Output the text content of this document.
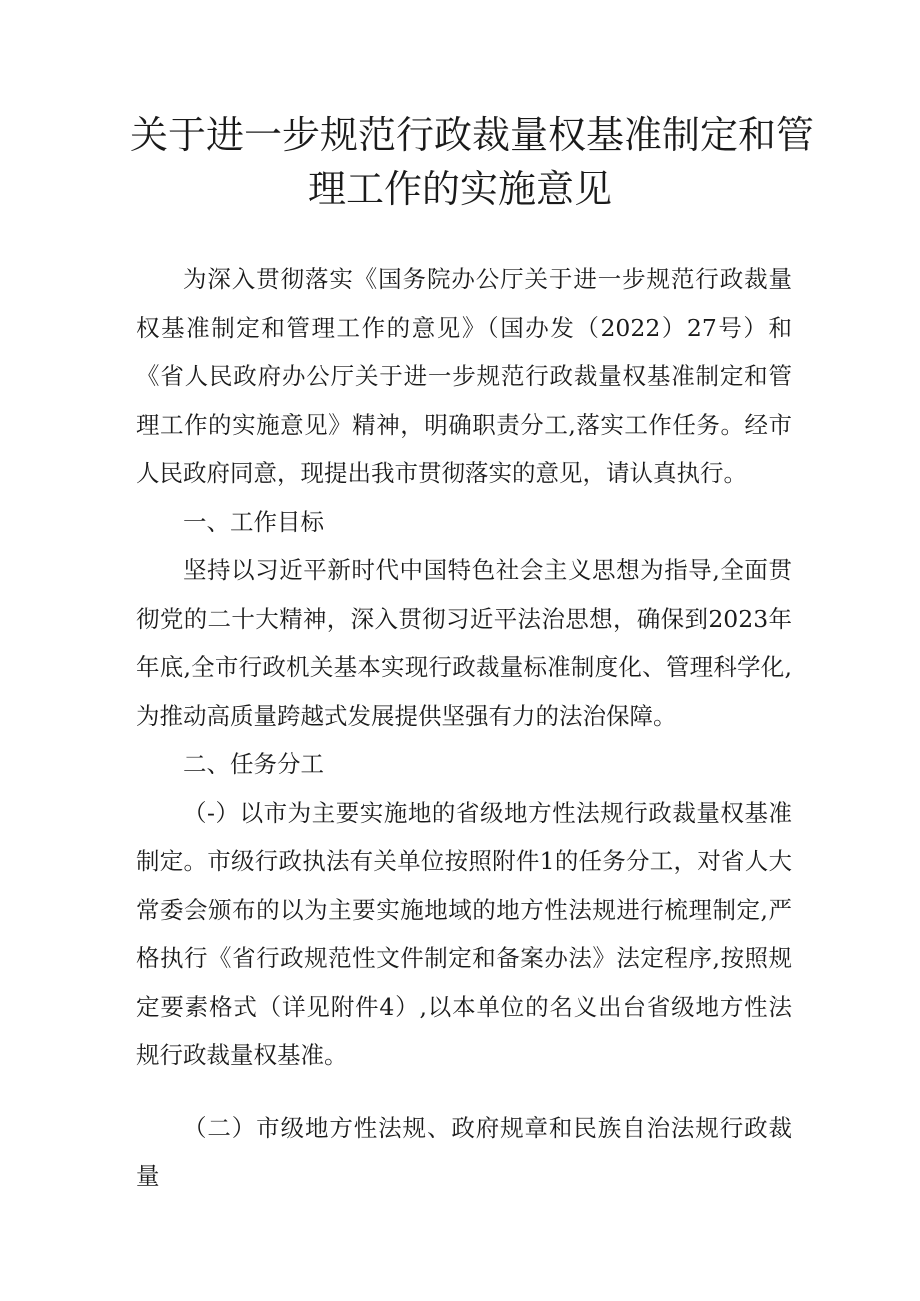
关于进一步规范行政裁量权基准制定和管
理工作的实施意见

为深入贯彻落实《国务院办公厅关于进一步规范行政裁量权基准制定和管理工作的意见》（国办发（2022）27号）和《省人民政府办公厅关于进一步规范行政裁量权基准制定和管理工作的实施意见》精神，明确职责分工,落实工作任务。经市人民政府同意，现提出我市贯彻落实的意见，请认真执行。

一、工作目标

坚持以习近平新时代中国特色社会主义思想为指导,全面贯彻党的二十大精神，深入贯彻习近平法治思想，确保到2023年年底,全市行政机关基本实现行政裁量标准制度化、管理科学化,为推动高质量跨越式发展提供坚强有力的法治保障。

二、任务分工

（-）以市为主要实施地的省级地方性法规行政裁量权基准制定。市级行政执法有关单位按照附件1的任务分工，对省人大常委会颁布的以为主要实施地域的地方性法规进行梳理制定,严格执行《省行政规范性文件制定和备案办法》法定程序,按照规定要素格式（详见附件4）,以本单位的名义出台省级地方性法规行政裁量权基准。

（二）市级地方性法规、政府规章和民族自治法规行政裁量
